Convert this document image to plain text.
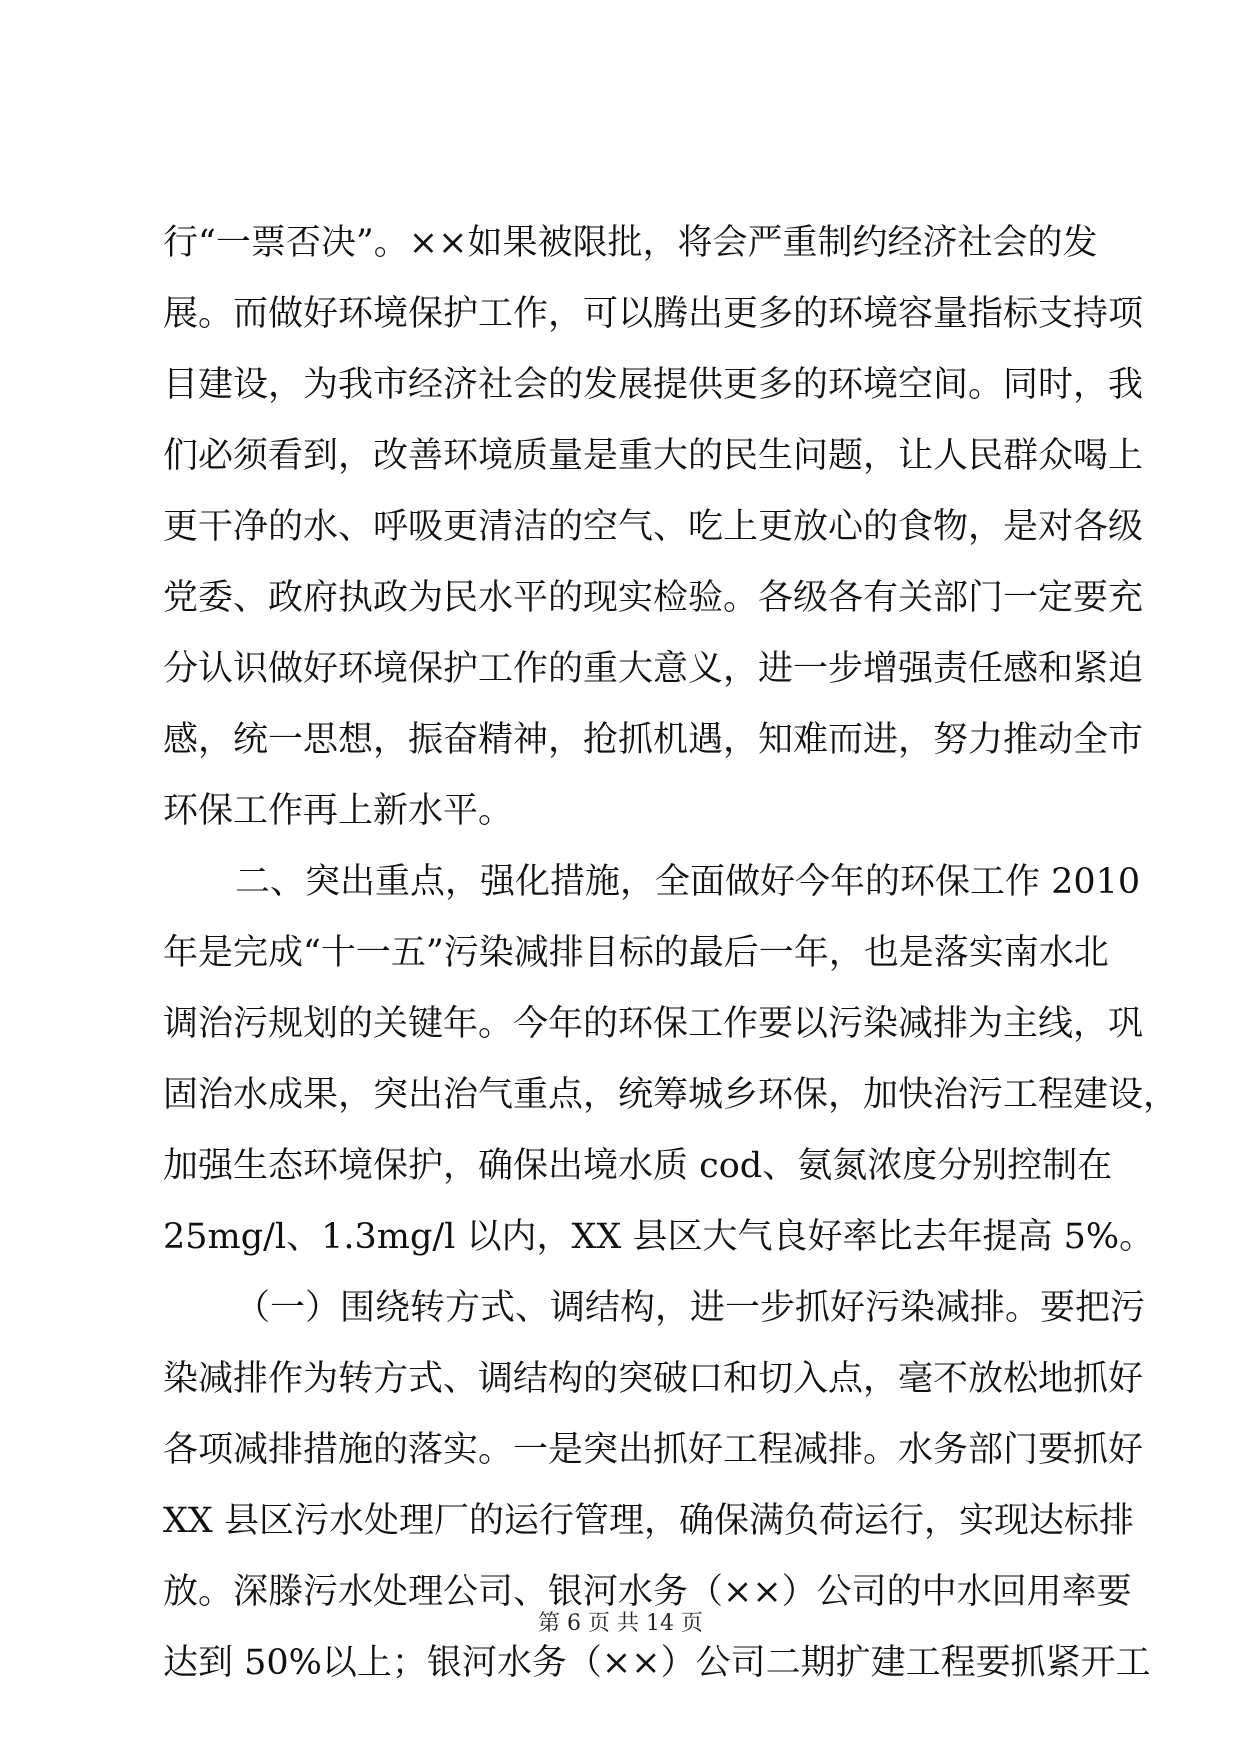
行“一票否决”。××如果被限批，将会严重制约经济社会的发
展。而做好环境保护工作，可以腾出更多的环境容量指标支持项
目建设，为我市经济社会的发展提供更多的环境空间。同时，我
们必须看到，改善环境质量是重大的民生问题，让人民群众喝上
更干净的水、呼吸更清洁的空气、吃上更放心的食物，是对各级
党委、政府执政为民水平的现实检验。各级各有关部门一定要充
分认识做好环境保护工作的重大意义，进一步增强责任感和紧迫
感，统一思想，振奋精神，抢抓机遇，知难而进，努力推动全市
环保工作再上新水平。
二、突出重点，强化措施，全面做好今年的环保工作 2010
年是完成“十一五”污染减排目标的最后一年，也是落实南水北
调治污规划的关键年。今年的环保工作要以污染减排为主线，巩
固治水成果，突出治气重点，统筹城乡环保，加快治污工程建设，
加强生态环境保护，确保出境水质 cod、氨氮浓度分别控制在
25mg/l、1.3mg/l 以内，XX 县区大气良好率比去年提高 5%。
（一）围绕转方式、调结构，进一步抓好污染减排。要把污
染减排作为转方式、调结构的突破口和切入点，毫不放松地抓好
各项减排措施的落实。一是突出抓好工程减排。水务部门要抓好
XX 县区污水处理厂的运行管理，确保满负荷运行，实现达标排
放。深滕污水处理公司、银河水务（××）公司的中水回用率要
达到 50%以上；银河水务（××）公司二期扩建工程要抓紧开工
第 6 页 共 14 页
